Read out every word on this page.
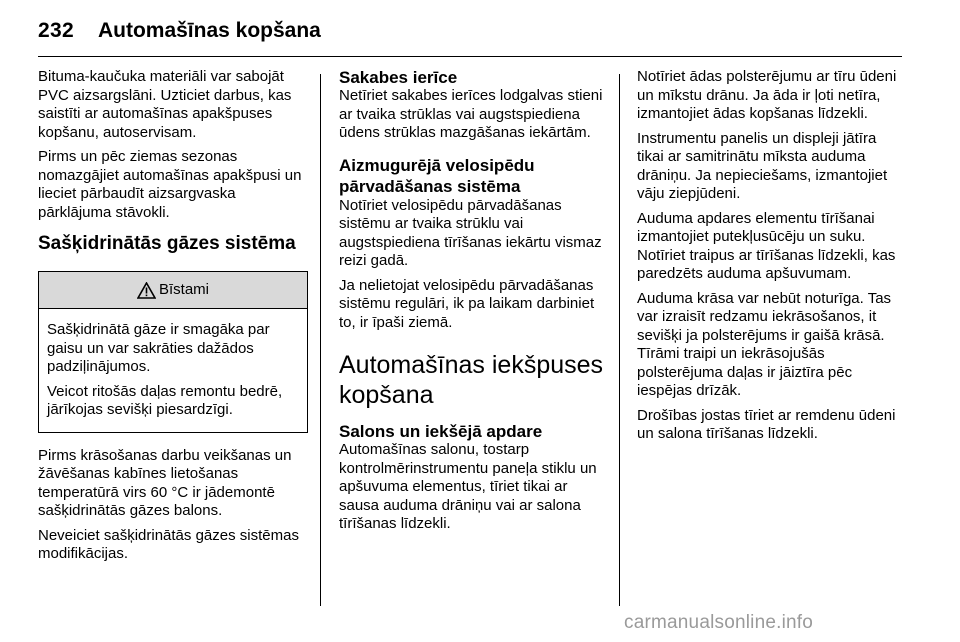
232 Automašīnas kopšana

Bituma-kaučuka materiāli var sabojāt PVC aizsargslāni. Uzticiet darbus, kas saistīti ar automašīnas apakšpuses kopšanu, autoservisam.

Pirms un pēc ziemas sezonas nomazgājiet automašīnas apakšpusi un lieciet pārbaudīt aizsargvaska pārklājuma stāvokli.

Sašķidrinātās gāzes sistēma
Bīstami

Sašķidrinātā gāze ir smagāka par gaisu un var sakrāties dažādos padziļinājumos.

Veicot ritošās daļas remontu bedrē, jārīkojas sevišķi piesardzīgi.

Pirms krāsošanas darbu veikšanas un žāvēšanas kabīnes lietošanas temperatūrā virs 60 °C ir jādemontē sašķidrinātās gāzes balons.

Neveiciet sašķidrinātās gāzes sistēmas modifikācijas.

Sakabes ierīce

Netīriet sakabes ierīces lodgalvas stieni ar tvaika strūklas vai augstspiediena ūdens strūklas mazgāšanas iekārtām.

Aizmugurējā velosipēdu pārvadāšanas sistēma

Notīriet velosipēdu pārvadāšanas sistēmu ar tvaika strūklu vai augstspiediena tīrīšanas iekārtu vismaz reizi gadā.

Ja nelietojat velosipēdu pārvadāšanas sistēmu regulāri, ik pa laikam darbiniet to, ir īpaši ziemā.

Automašīnas iekšpuses kopšana
Salons un iekšējā apdare

Automašīnas salonu, tostarp kontrolmērinstrumentu paneļa stiklu un apšuvuma elementus, tīriet tikai ar sausa auduma drāniņu vai ar salona tīrīšanas līdzekli.

Notīriet ādas polsterējumu ar tīru ūdeni un mīkstu drānu. Ja āda ir ļoti netīra, izmantojiet ādas kopšanas līdzekli.

Instrumentu panelis un displeji jātīra tikai ar samitrinātu mīksta auduma drāniņu. Ja nepieciešams, izmantojiet vāju ziepjūdeni.

Auduma apdares elementu tīrīšanai izmantojiet putekļusūcēju un suku. Notīriet traipus ar tīrīšanas līdzekli, kas paredzēts auduma apšuvumam.

Auduma krāsa var nebūt noturīga. Tas var izraisīt redzamu iekrāsošanos, it sevišķi ja polsterējums ir gaišā krāsā. Tīrāmi traipi un iekrāsojušās polsterējuma daļas ir jāiztīra pēc iespējas drīzāk.

Drošības jostas tīriet ar remdenu ūdeni un salona tīrīšanas līdzekli.

carmanualsonline.info
